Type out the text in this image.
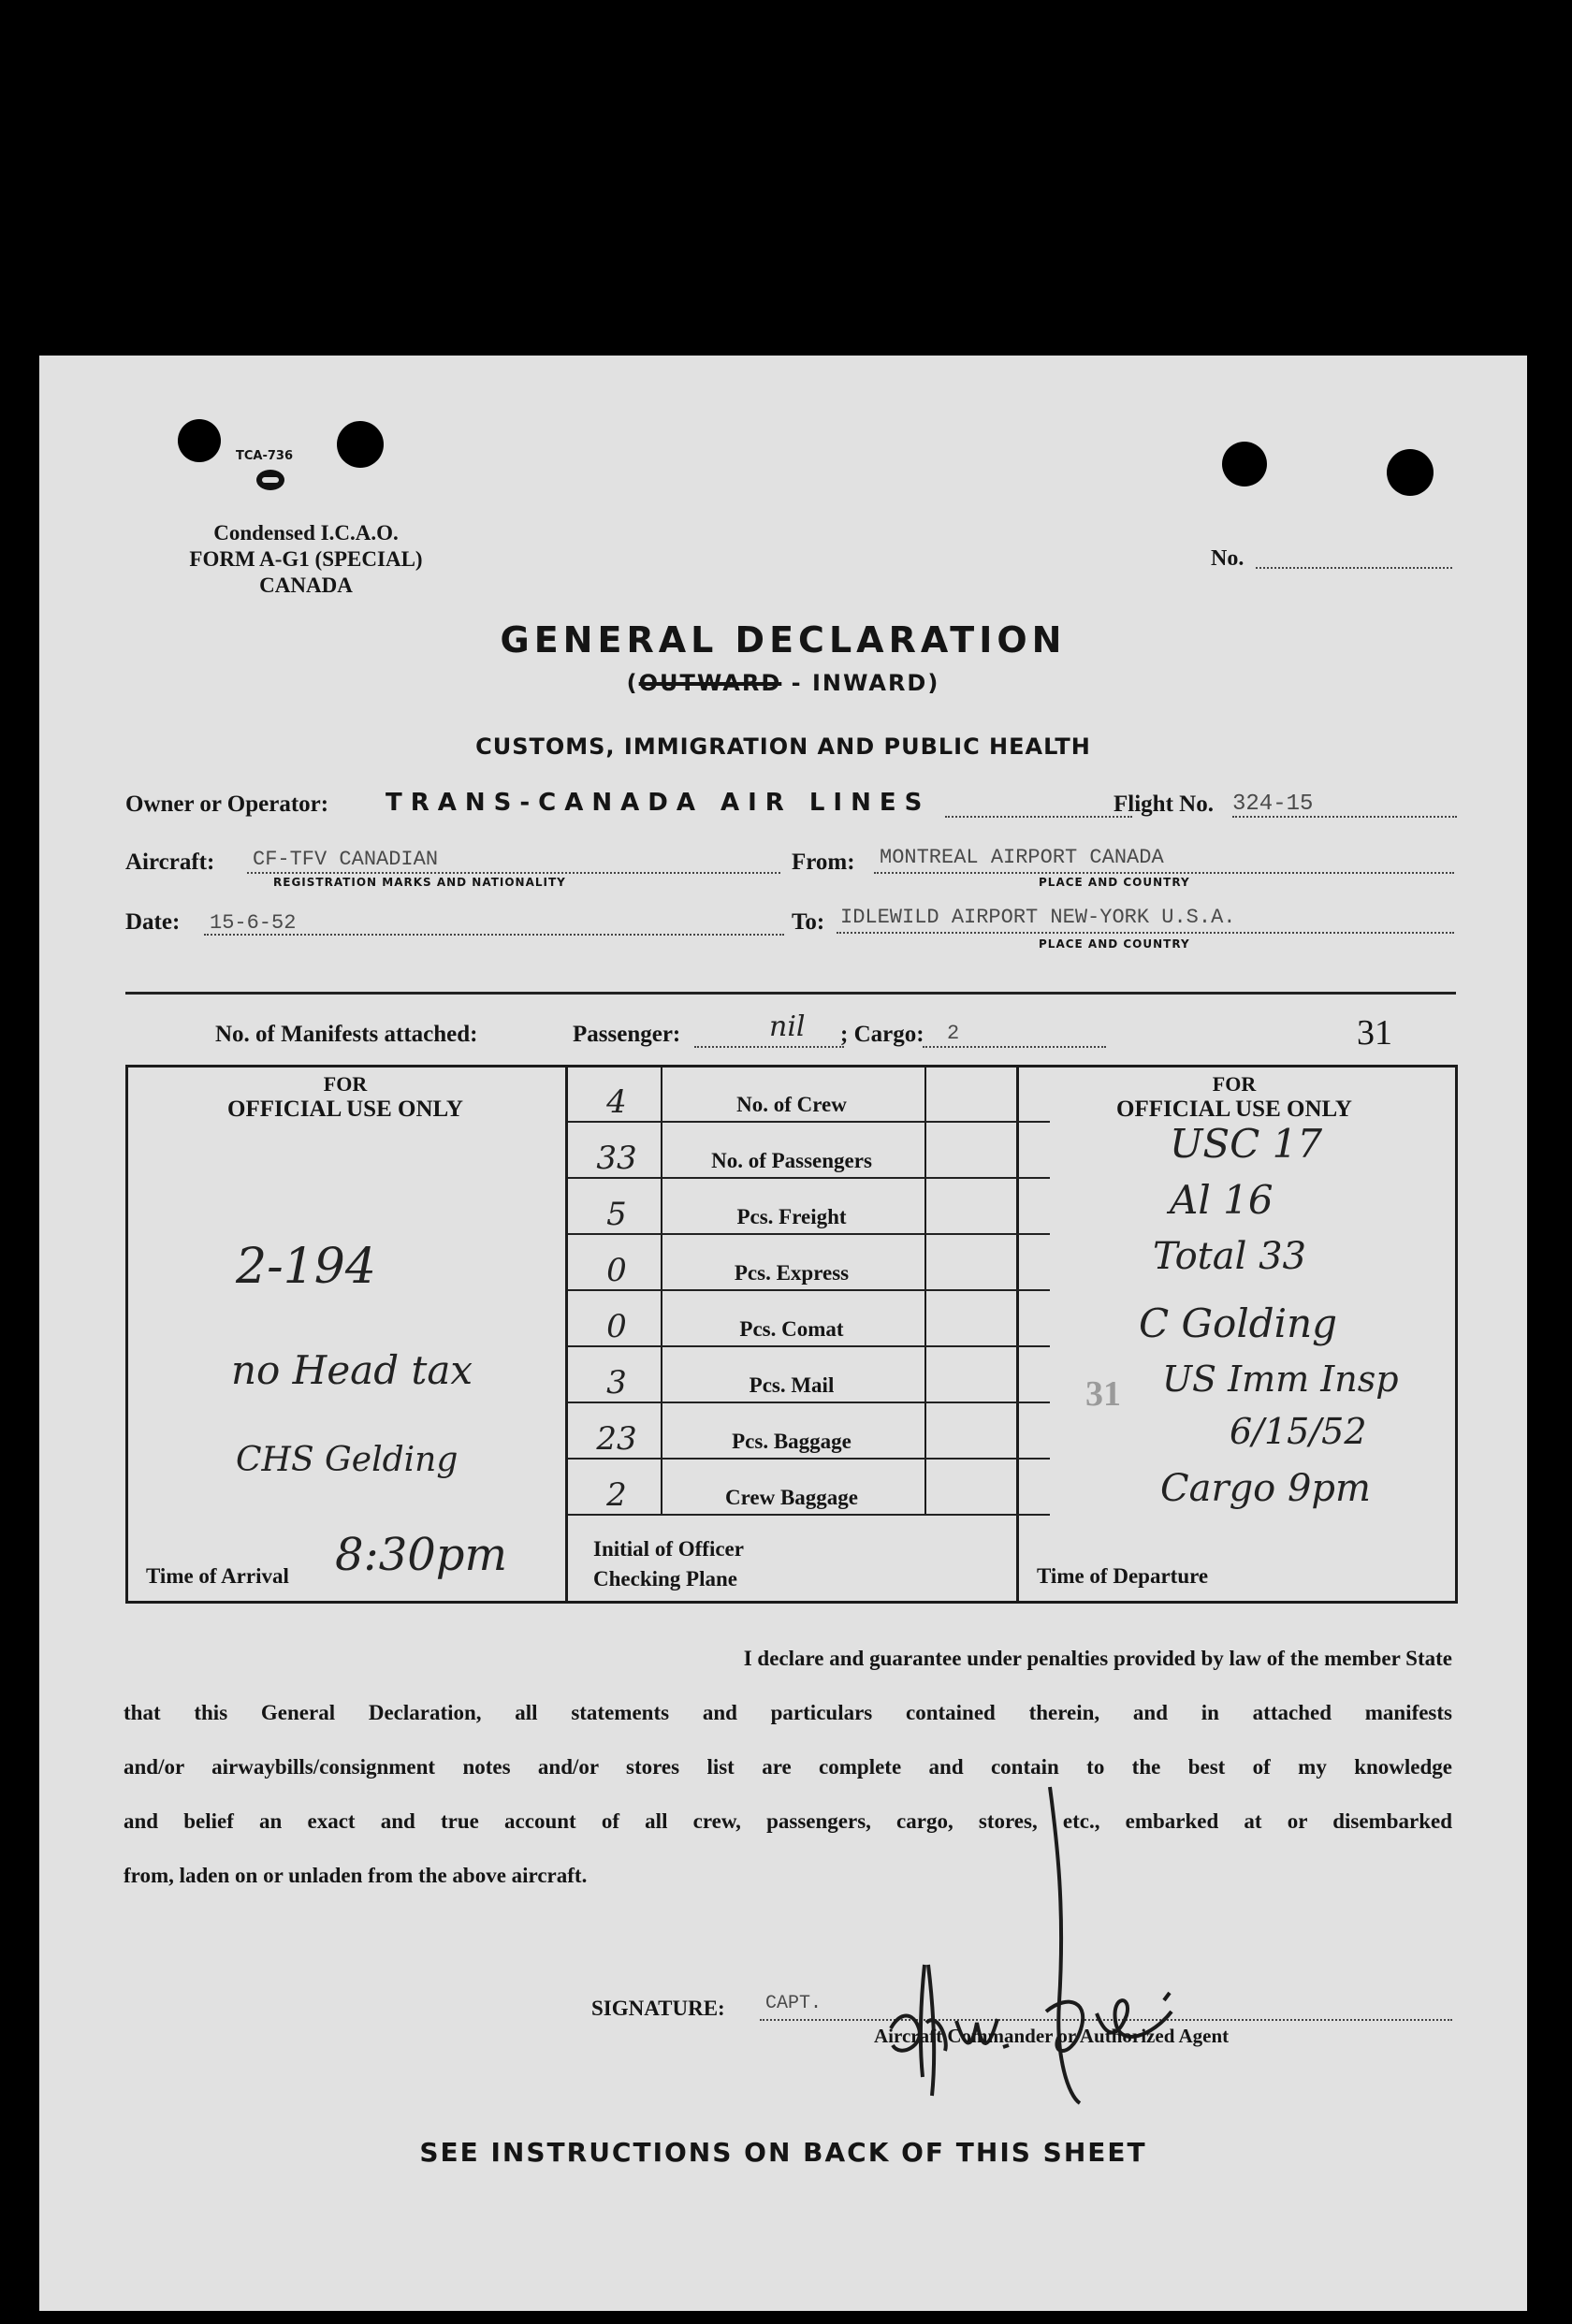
TCA-736
Condensed I.C.A.O.
FORM A-G1 (SPECIAL)
CANADA
No.
GENERAL DECLARATION
(OUTWARD - INWARD)
CUSTOMS, IMMIGRATION AND PUBLIC HEALTH
Owner or Operator: TRANS-CANADA AIR LINES	Flight No. 324-15
Aircraft: CF-TFV CANADIAN
REGISTRATION MARKS AND NATIONALITY
From: MONTREAL AIRPORT CANADA
PLACE AND COUNTRY
Date: 15-6-52	To: IDLEWILD AIRPORT NEW-YORK U.S.A.
PLACE AND COUNTRY
No. of Manifests attached:	Passenger:	nil ; Cargo: 2	31
FOR
OFFICIAL USE ONLY
2-194
no Head tax
CHS Gelding
Time of Arrival 8:30pm
4	No. of Crew
33	No. of Passengers
5	Pcs. Freight
0	Pcs. Express
0	Pcs. Comat
3	Pcs. Mail
23	Pcs. Baggage
2	Crew Baggage
Initial of Officer
Checking Plane
FOR
OFFICIAL USE ONLY
USC 17
Al 16
Total 33
C Golding
US Imm Insp
6/15/52
Cargo 9pm
31
Time of Departure
I declare and guarantee under penalties provided by law of the member State
that this General Declaration, all statements and particulars contained therein, and in attached manifests
and/or airwaybills/consignment notes and/or stores list are complete and contain to the best of my knowledge
and belief an exact and true account of all crew, passengers, cargo, stores, etc., embarked at or disembarked
from, laden on or unladen from the above aircraft.
SIGNATURE: CAPT.
Aircraft Commander or Authorized Agent
SEE INSTRUCTIONS ON BACK OF THIS SHEET
